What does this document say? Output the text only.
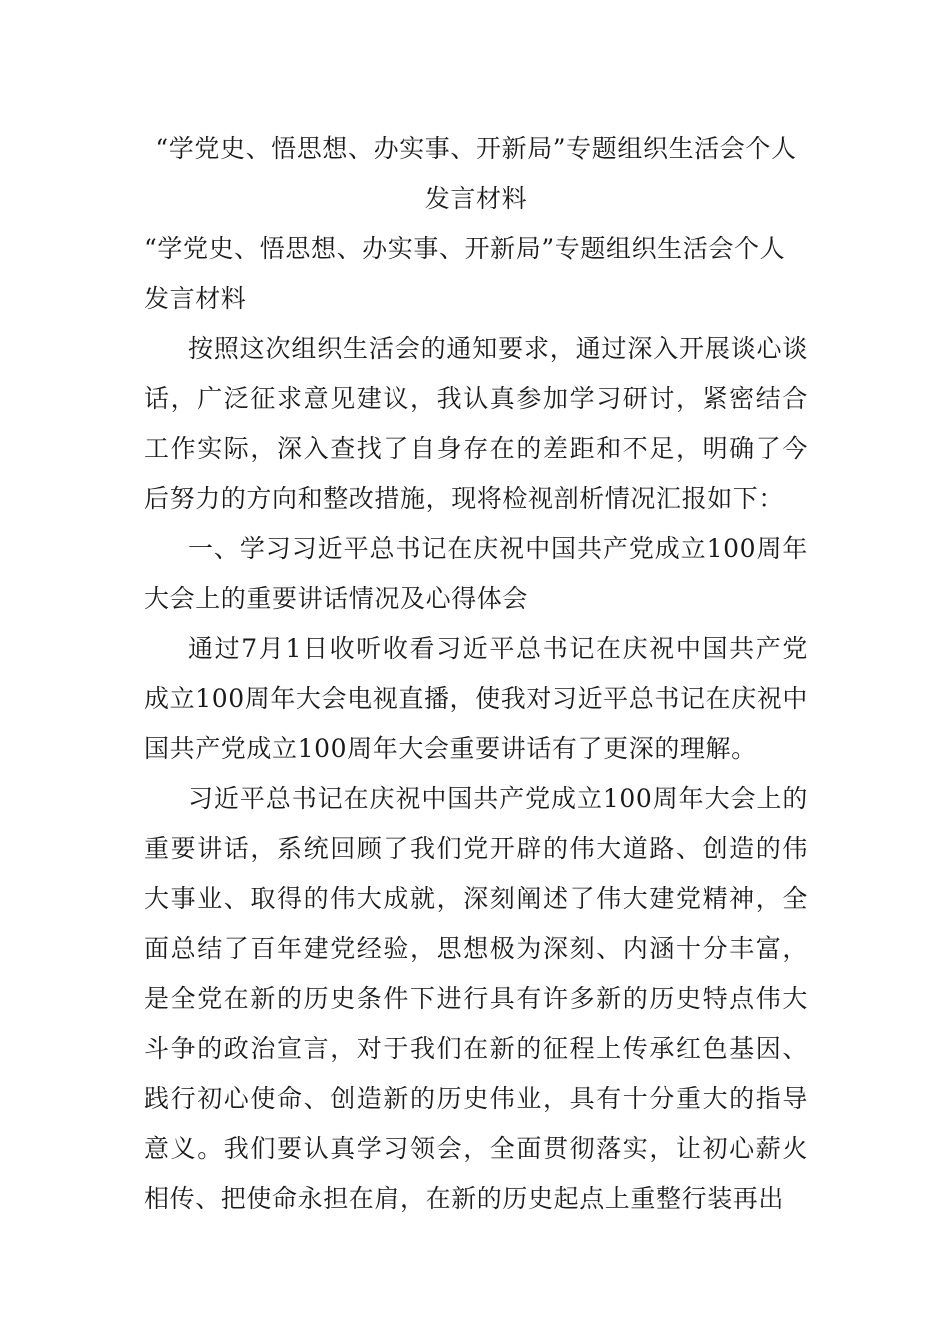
“学党史、悟思想、办实事、开新局”专题组织生活会个人
发言材料

“学党史、悟思想、办实事、开新局”专题组织生活会个人发言材料

按照这次组织生活会的通知要求，通过深入开展谈心谈话，广泛征求意见建议，我认真参加学习研讨，紧密结合工作实际，深入查找了自身存在的差距和不足，明确了今后努力的方向和整改措施，现将检视剖析情况汇报如下：

一、学习习近平总书记在庆祝中国共产党成立100周年大会上的重要讲话情况及心得体会

通过7月1日收听收看习近平总书记在庆祝中国共产党成立100周年大会电视直播，使我对习近平总书记在庆祝中国共产党成立100周年大会重要讲话有了更深的理解。

习近平总书记在庆祝中国共产党成立100周年大会上的重要讲话，系统回顾了我们党开辟的伟大道路、创造的伟大事业、取得的伟大成就，深刻阐述了伟大建党精神，全面总结了百年建党经验，思想极为深刻、内涵十分丰富，是全党在新的历史条件下进行具有许多新的历史特点伟大斗争的政治宣言，对于我们在新的征程上传承红色基因、践行初心使命、创造新的历史伟业，具有十分重大的指导意义。我们要认真学习领会，全面贯彻落实，让初心薪火相传、把使命永担在肩，在新的历史起点上重整行装再出
